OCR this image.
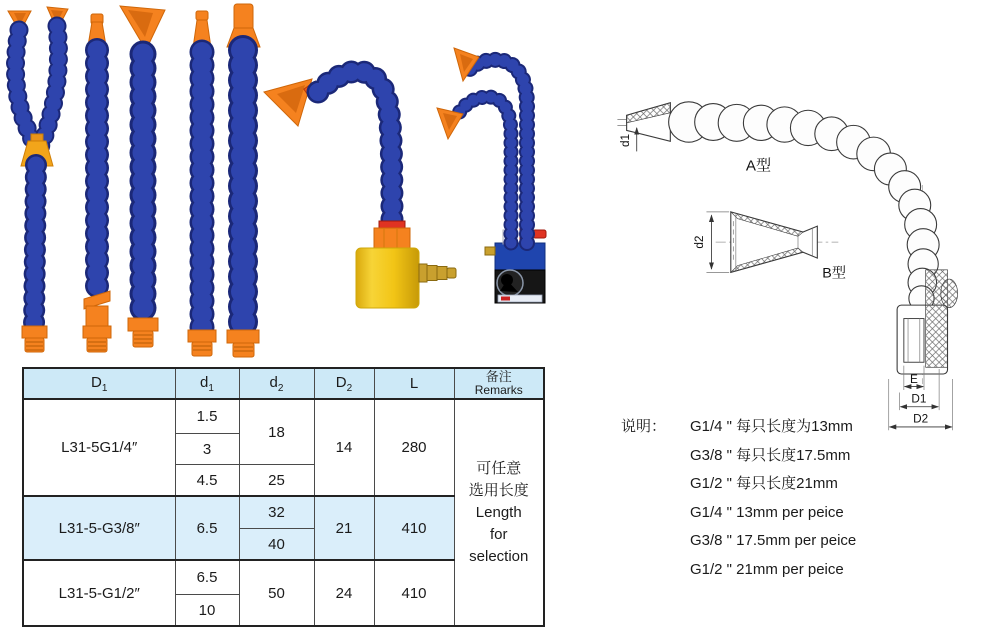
d1
A型
d2
B型
E
D1
D2
$D_1$	$d_1$	$d_2$	$D_2$	L	备注
Remarks

L31-5G1/4″	1.5	18	14	280	可任意
选用长度
Length
for
selection

	3				
	4.5	25			
L31-5-G3/8″	6.5	32	21	410	
		40			
L31-5-G1/2″	6.5	50	24	410	
	10				
说明： G1/4 " 每只长度为13mm
G3/8 " 每只长度17.5mm
G1/2 " 每只长度21mm
G1/4 " 13mm per peice
G3/8 " 17.5mm per peice
G1/2 " 21mm per peice
